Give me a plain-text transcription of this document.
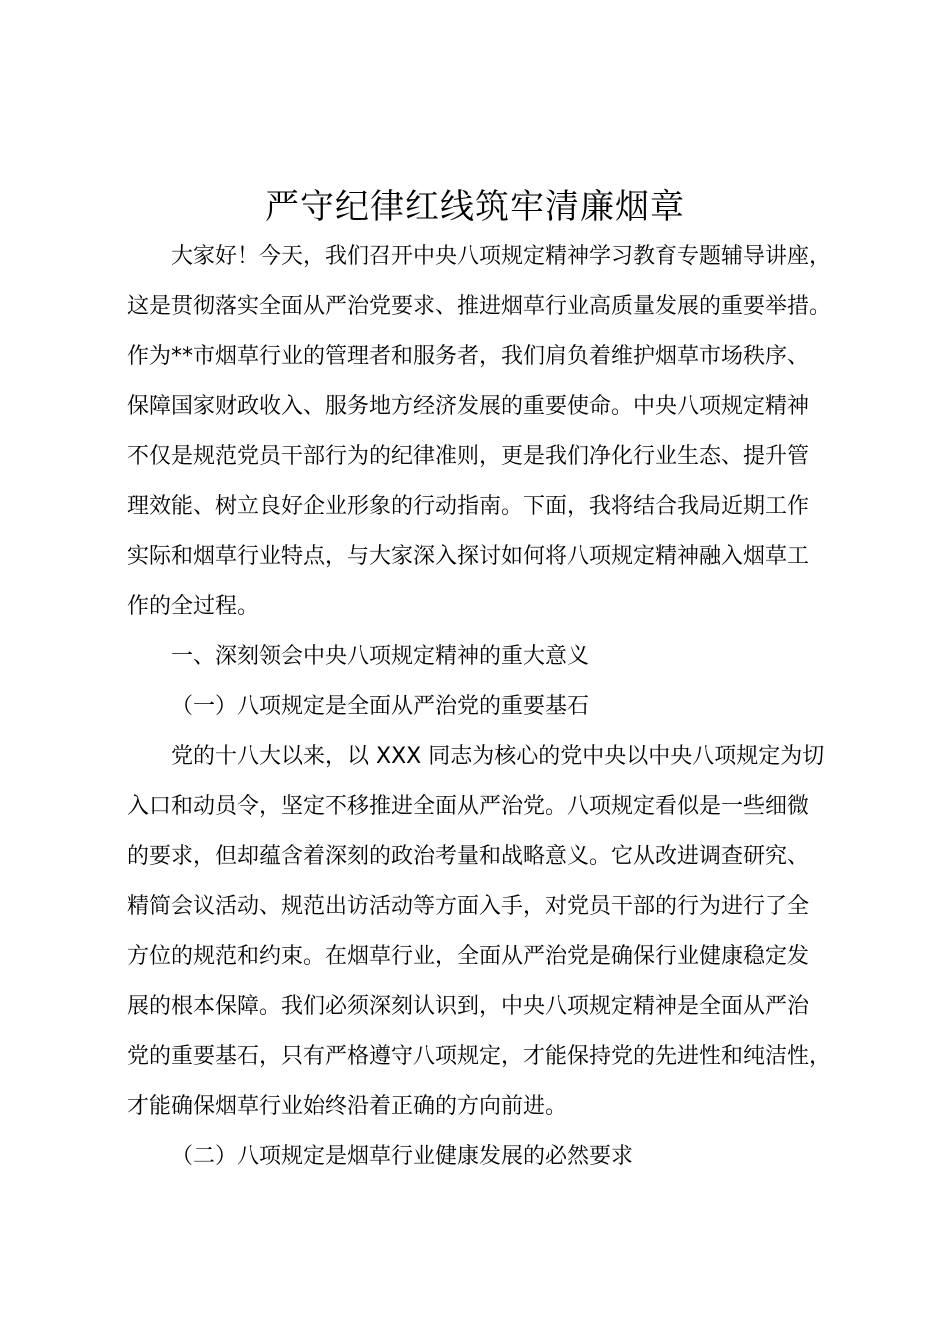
严守纪律红线筑牢清廉烟章
大家好！今天，我们召开中央八项规定精神学习教育专题辅导讲座，
这是贯彻落实全面从严治党要求、推进烟草行业高质量发展的重要举措。
作为**市烟草行业的管理者和服务者，我们肩负着维护烟草市场秩序、
保障国家财政收入、服务地方经济发展的重要使命。中央八项规定精神
不仅是规范党员干部行为的纪律准则，更是我们净化行业生态、提升管
理效能、树立良好企业形象的行动指南。下面，我将结合我局近期工作
实际和烟草行业特点，与大家深入探讨如何将八项规定精神融入烟草工
作的全过程。
一、深刻领会中央八项规定精神的重大意义
（一）八项规定是全面从严治党的重要基石
党的十八大以来，以 XXX 同志为核心的党中央以中央八项规定为切
入口和动员令，坚定不移推进全面从严治党。八项规定看似是一些细微
的要求，但却蕴含着深刻的政治考量和战略意义。它从改进调查研究、
精简会议活动、规范出访活动等方面入手，对党员干部的行为进行了全
方位的规范和约束。在烟草行业，全面从严治党是确保行业健康稳定发
展的根本保障。我们必须深刻认识到，中央八项规定精神是全面从严治
党的重要基石，只有严格遵守八项规定，才能保持党的先进性和纯洁性，
才能确保烟草行业始终沿着正确的方向前进。
（二）八项规定是烟草行业健康发展的必然要求
